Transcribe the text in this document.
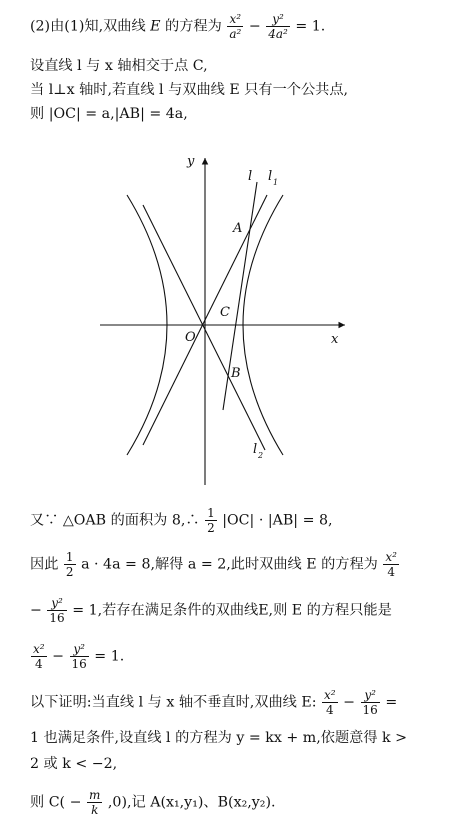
(2)由(1)知,双曲线 E 的方程为 $\frac{\text{x²}}{\text{a²}} - \frac{\text{y²}}{\text{4a²}} = 1$.
设直线 l 与 x 轴相交于点 C,
当 l⊥x 轴时,若直线 l 与双曲线 E 只有一个公共点,
则 |OC| = a,|AB| = 4a,
y
x
O
A
B
C
l l 1
l 2
又∵ △OAB 的面积为 8,∴ $\frac{1}{2} |OC| \cdot |AB| = 8$,
因此 $\frac{1}{2}$ a · 4a = 8,解得 a = 2,此时双曲线 E 的方程为 $\frac{\text{x²}}{4}$
− $\frac{\text{y²}}{16} = 1$,若存在满足条件的双曲线E,则 E 的方程只能是
$\frac{\text{x²}}{4} - \frac{\text{y²}}{16} = 1$.
以下证明:当直线 l 与 x 轴不垂直时,双曲线 E: $\frac{\text{x²}}{4} - \frac{\text{y²}}{16}$ =
1 也满足条件,设直线 l 的方程为 y = kx + m,依题意得 k >
2 或 k < −2,
则 $C( - \frac{m}{k} ,0)$,记 A(x₁,y₁)、B(x₂,y₂).
